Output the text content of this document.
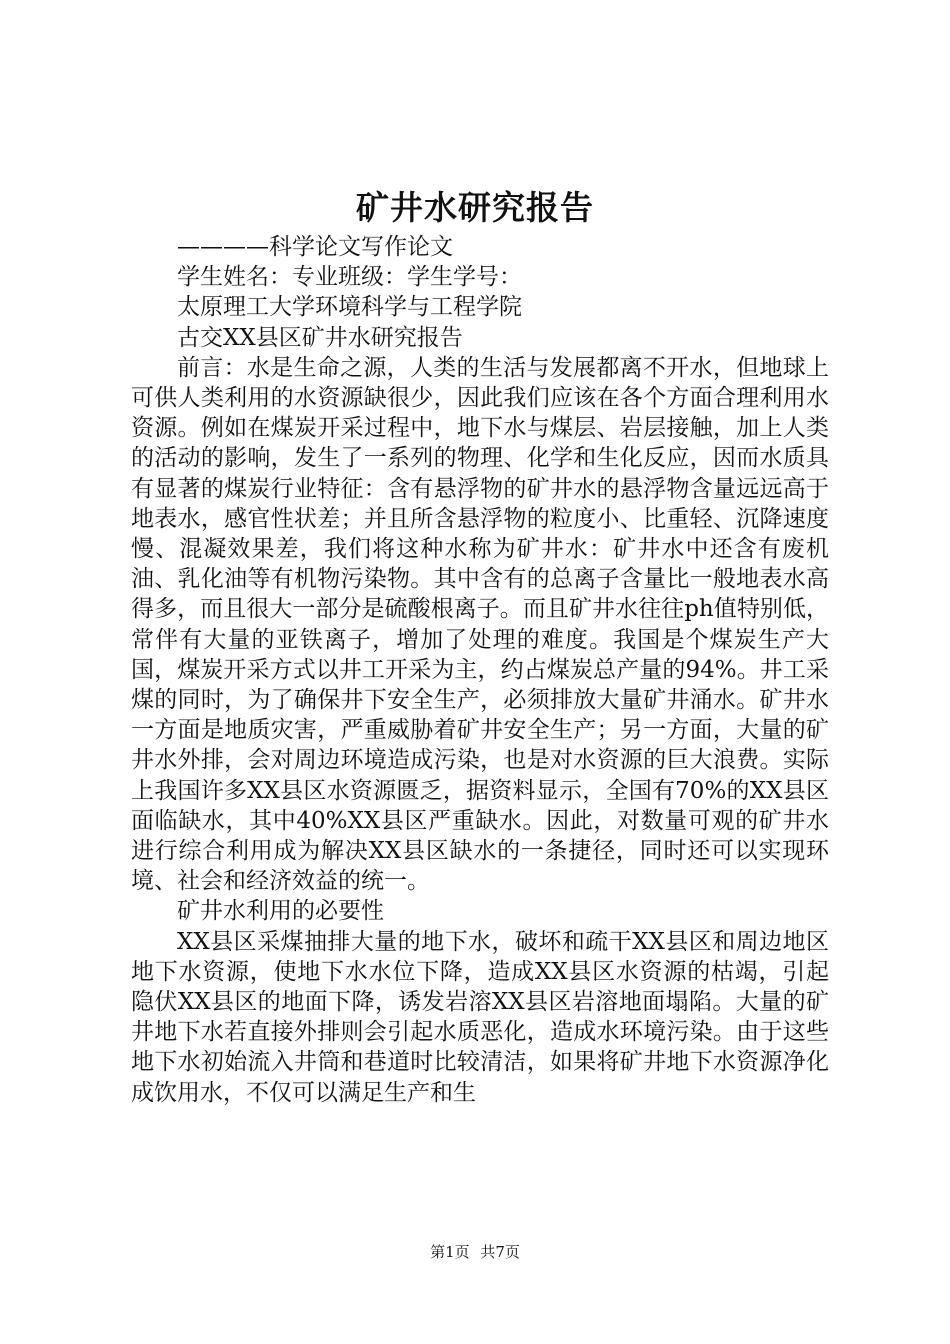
矿井水研究报告

————科学论文写作论文

学生姓名：专业班级：学生学号：

太原理工大学环境科学与工程学院

古交XX县区矿井水研究报告

前言：水是生命之源，人类的生活与发展都离不开水，但地球上可供人类利用的水资源缺很少，因此我们应该在各个方面合理利用水资源。例如在煤炭开采过程中，地下水与煤层、岩层接触，加上人类的活动的影响，发生了一系列的物理、化学和生化反应，因而水质具有显著的煤炭行业特征：含有悬浮物的矿井水的悬浮物含量远远高于地表水，感官性状差；并且所含悬浮物的粒度小、比重轻、沉降速度慢、混凝效果差，我们将这种水称为矿井水：矿井水中还含有废机油、乳化油等有机物污染物。其中含有的总离子含量比一般地表水高得多，而且很大一部分是硫酸根离子。而且矿井水往往ph值特别低，常伴有大量的亚铁离子，增加了处理的难度。我国是个煤炭生产大国，煤炭开采方式以井工开采为主，约占煤炭总产量的94%。井工采煤的同时，为了确保井下安全生产，必须排放大量矿井涌水。矿井水一方面是地质灾害，严重威胁着矿井安全生产；另一方面，大量的矿井水外排，会对周边环境造成污染，也是对水资源的巨大浪费。实际上我国许多XX县区水资源匮乏，据资料显示，全国有70%的XX县区面临缺水，其中40%XX县区严重缺水。因此，对数量可观的矿井水进行综合利用成为解决XX县区缺水的一条捷径，同时还可以实现环境、社会和经济效益的统一。

矿井水利用的必要性

XX县区采煤抽排大量的地下水，破坏和疏干XX县区和周边地区地下水资源，使地下水水位下降，造成XX县区水资源的枯竭，引起隐伏XX县区的地面下降，诱发岩溶XX县区岩溶地面塌陷。大量的矿井地下水若直接外排则会引起水质恶化，造成水环境污染。由于这些地下水初始流入井筒和巷道时比较清洁，如果将矿井地下水资源净化成饮用水，不仅可以满足生产和生

第1页 共7页
